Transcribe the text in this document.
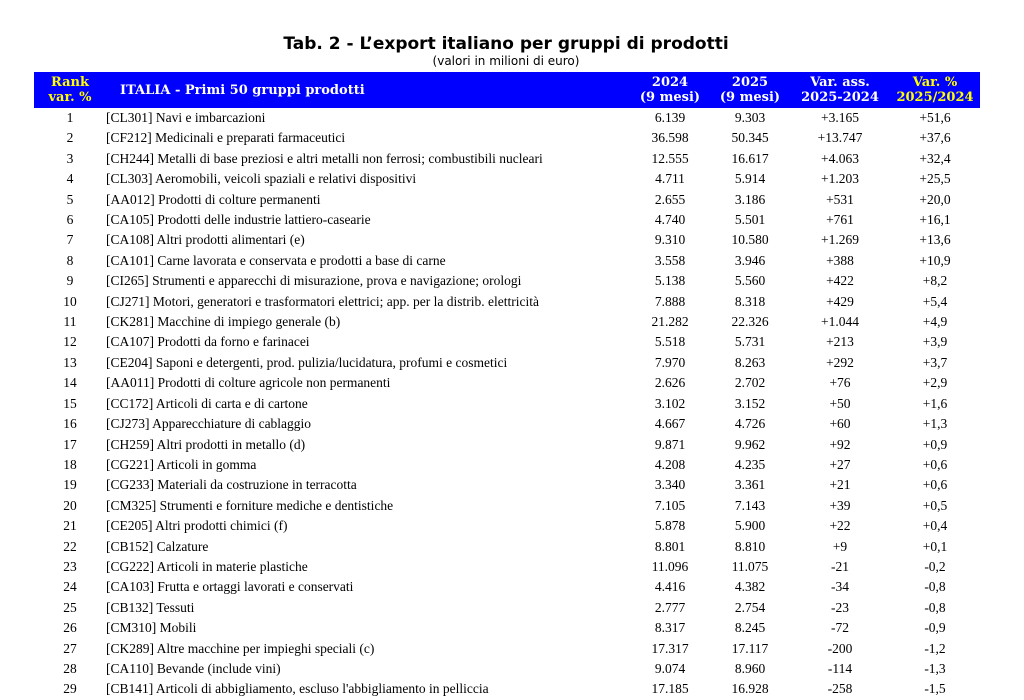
Tab. 2 - L’export italiano per gruppi di prodotti
(valori in milioni di euro)
Rank
var. %	ITALIA - Primi 50 gruppi prodotti	2024
(9 mesi)	2025
(9 mesi)	Var. ass.
2025-2024	Var. %
2025/2024

1	[CL301] Navi e imbarcazioni	6.139	9.303	+3.165	+51,6
2	[CF212] Medicinali e preparati farmaceutici	36.598	50.345	+13.747	+37,6
3	[CH244] Metalli di base preziosi e altri metalli non ferrosi; combustibili nucleari	12.555	16.617	+4.063	+32,4
4	[CL303] Aeromobili, veicoli spaziali e relativi dispositivi	4.711	5.914	+1.203	+25,5
5	[AA012] Prodotti di colture permanenti	2.655	3.186	+531	+20,0
6	[CA105] Prodotti delle industrie lattiero-casearie	4.740	5.501	+761	+16,1
7	[CA108] Altri prodotti alimentari (e)	9.310	10.580	+1.269	+13,6
8	[CA101] Carne lavorata e conservata e prodotti a base di carne	3.558	3.946	+388	+10,9
9	[CI265] Strumenti e apparecchi di misurazione, prova e navigazione; orologi	5.138	5.560	+422	+8,2
10	[CJ271] Motori, generatori e trasformatori elettrici; app. per la distrib. elettricità	7.888	8.318	+429	+5,4
11	[CK281] Macchine di impiego generale (b)	21.282	22.326	+1.044	+4,9
12	[CA107] Prodotti da forno e farinacei	5.518	5.731	+213	+3,9
13	[CE204] Saponi e detergenti, prod. pulizia/lucidatura, profumi e cosmetici	7.970	8.263	+292	+3,7
14	[AA011] Prodotti di colture agricole non permanenti	2.626	2.702	+76	+2,9
15	[CC172] Articoli di carta e di cartone	3.102	3.152	+50	+1,6
16	[CJ273] Apparecchiature di cablaggio	4.667	4.726	+60	+1,3
17	[CH259] Altri prodotti in metallo (d)	9.871	9.962	+92	+0,9
18	[CG221] Articoli in gomma	4.208	4.235	+27	+0,6
19	[CG233] Materiali da costruzione in terracotta	3.340	3.361	+21	+0,6
20	[CM325] Strumenti e forniture mediche e dentistiche	7.105	7.143	+39	+0,5
21	[CE205] Altri prodotti chimici (f)	5.878	5.900	+22	+0,4
22	[CB152] Calzature	8.801	8.810	+9	+0,1
23	[CG222] Articoli in materie plastiche	11.096	11.075	-21	-0,2
24	[CA103] Frutta e ortaggi lavorati e conservati	4.416	4.382	-34	-0,8
25	[CB132] Tessuti	2.777	2.754	-23	-0,8
26	[CM310] Mobili	8.317	8.245	-72	-0,9
27	[CK289] Altre macchine per impieghi speciali (c)	17.317	17.117	-200	-1,2
28	[CA110] Bevande (include vini)	9.074	8.960	-114	-1,3
29	[CB141] Articoli di abbigliamento, escluso l'abbigliamento in pelliccia	17.185	16.928	-258	-1,5
